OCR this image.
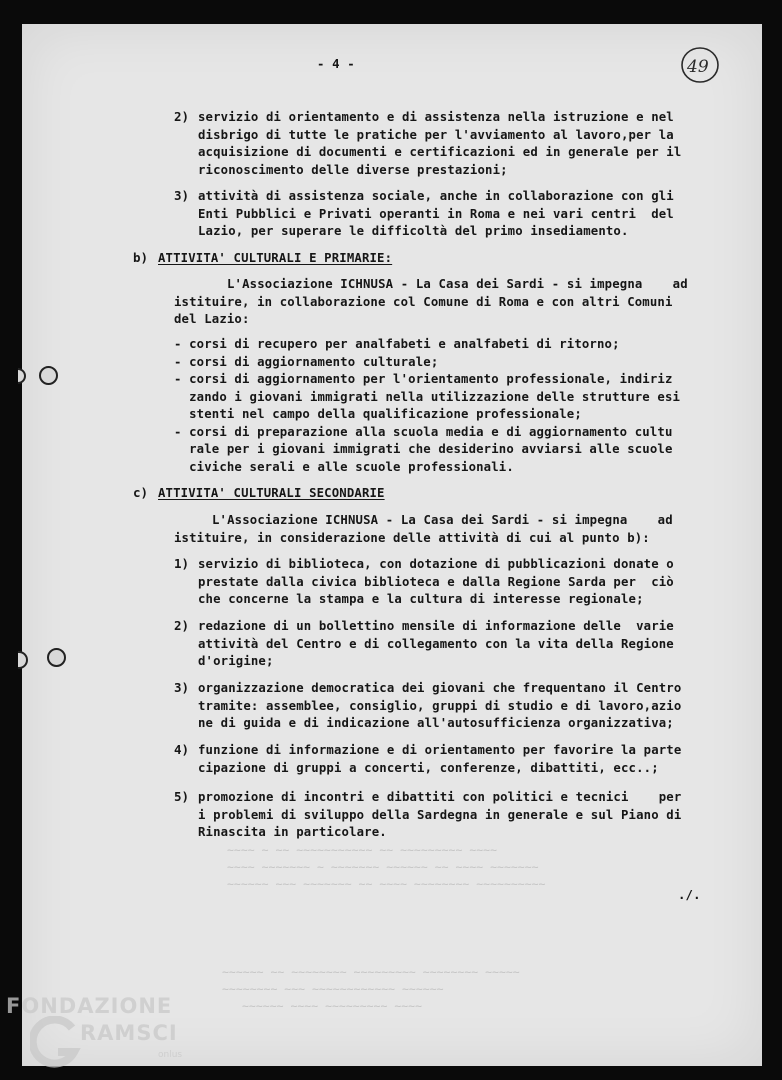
- 4 -	49
2) servizio di orientamento e di assistenza nella istruzione e nel
disbrigo di tutte le pratiche per l'avviamento al lavoro,per la
acquisizione di documenti e certificazioni ed in generale per il
riconoscimento delle diverse prestazioni;
3) attività di assistenza sociale, anche in collaborazione con gli
Enti Pubblici e Privati operanti in Roma e nei vari centri  del
Lazio, per superare le difficoltà del primo insediamento.
b) ATTIVITA' CULTURALI E PRIMARIE:
L'Associazione ICHNUSA - La Casa dei Sardi - si impegna    ad
istituire, in collaborazione col Comune di Roma e con altri Comuni
del Lazio:
- corsi di recupero per analfabeti e analfabeti di ritorno;
- corsi di aggiornamento culturale;
- corsi di aggiornamento per l'orientamento professionale, indiriz
zando i giovani immigrati nella utilizzazione delle strutture esi
stenti nel campo della qualificazione professionale;
- corsi di preparazione alla scuola media e di aggiornamento cultu
rale per i giovani immigrati che desiderino avviarsi alle scuole
civiche serali e alle scuole professionali.
c) ATTIVITA' CULTURALI SECONDARIE
L'Associazione ICHNUSA - La Casa dei Sardi - si impegna    ad
istituire, in considerazione delle attività di cui al punto b):
1) servizio di biblioteca, con dotazione di pubblicazioni donate o
prestate dalla civica biblioteca e dalla Regione Sarda per  ciò
che concerne la stampa e la cultura di interesse regionale;
2) redazione di un bollettino mensile di informazione delle  varie
attività del Centro e di collegamento con la vita della Regione
d'origine;
3) organizzazione democratica dei giovani che frequentano il Centro
tramite: assemblee, consiglio, gruppi di studio e di lavoro,azio
ne di guida e di indicazione all'autosufficienza organizzativa;
4) funzione di informazione e di orientamento per favorire la parte
cipazione di gruppi a concerti, conferenze, dibattiti, ecc..;
5) promozione di incontri e dibattiti con politici e tecnici    per
i problemi di sviluppo della Sardegna in generale e sul Piano di
Rinascita in particolare.
~~~~ ~ ~~ ~~~~~~~~~~~ ~~ ~~~~~~~~~ ~~~~
~~~~ ~~~~~~~ ~ ~~~~~~~ ~~~~~~ ~~ ~~~~ ~~~~~~~
~~~~~~ ~~~ ~~~~~~~ ~~ ~~~~ ~~~~~~~~ ~~~~~~~~~~
~~~~~~ ~~ ~~~~~~~~ ~~~~~~~~~ ~~~~~~~~ ~~~~~
~~~~~~~~ ~~~ ~~~~~~~~~~~~ ~~~~~~
~~~~~~ ~~~~ ~~~~~~~~~ ~~~~
./.
FONDAZIONE
RAMSCI
onlus
